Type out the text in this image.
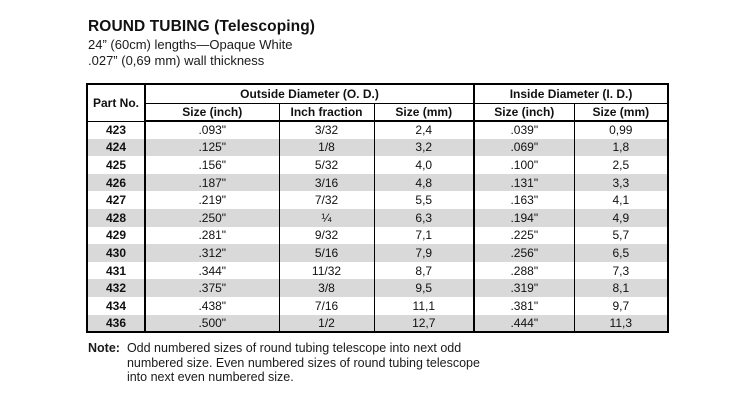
ROUND TUBING (Telescoping)
24” (60cm) lengths—Opaque White
.027” (0,69 mm) wall thickness
Part No.	Outside Diameter (O. D.)			Inside Diameter (I. D.)	
	Size (inch)	Inch fraction	Size (mm)	Size (inch)	Size (mm)
423	.093"	3/32	2,4	.039"	0,99
424	.125"	1/8	3,2	.069"	1,8
425	.156"	5/32	4,0	.100"	2,5
426	.187"	3/16	4,8	.131"	3,3
427	.219"	7/32	5,5	.163"	4,1
428	.250"	¼	6,3	.194"	4,9
429	.281"	9/32	7,1	.225"	5,7
430	.312"	5/16	7,9	.256"	6,5
431	.344"	11/32	8,7	.288"	7,3
432	.375"	3/8	9,5	.319"	8,1
434	.438"	7/16	11,1	.381"	9,7
436	.500"	1/2	12,7	.444"	11,3
Note: Odd numbered sizes of round tubing telescope into next odd
numbered size. Even numbered sizes of round tubing telescope
into next even numbered size.
